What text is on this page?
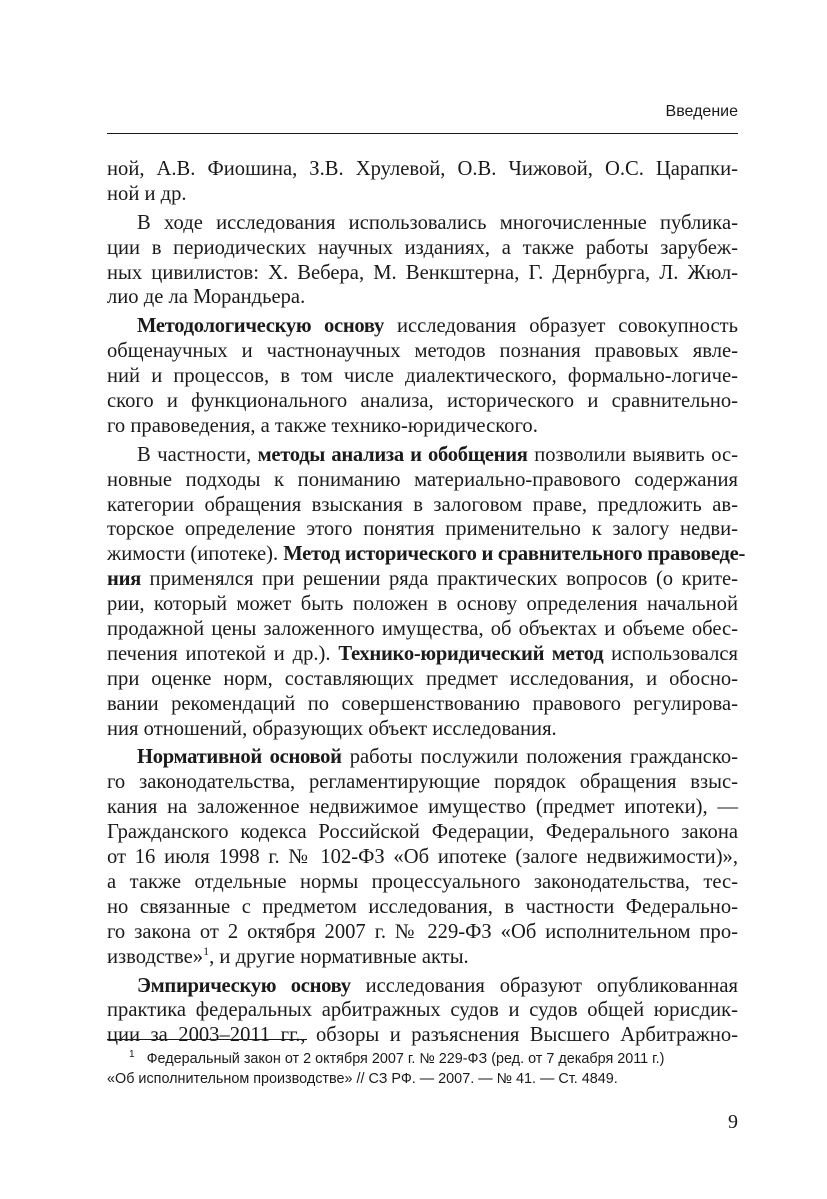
Введение
ной, А.В. Фиошина, З.В. Хрулевой, О.В. Чижовой, О.С. Царапки-
ной и др.
В ходе исследования использовались многочисленные публика-
ции в периодических научных изданиях, а также работы зарубеж-
ных цивилистов: Х. Вебера, М. Венкштерна, Г. Дернбурга, Л. Жюл-
лио де ла Морандьера.
Методологическую основу исследования образует совокупность
общенаучных и частнонаучных методов познания правовых явле-
ний и процессов, в том числе диалектического, формально-логиче-
ского и функционального анализа, исторического и сравнительно-
го правоведения, а также технико-юридического.
В частности, методы анализа и обобщения позволили выявить ос-
новные подходы к пониманию материально-правового содержания
категории обращения взыскания в залоговом праве, предложить ав-
торское определение этого понятия применительно к залогу недви-
жимости (ипотеке). Метод исторического и сравнительного правоведе-
ния применялся при решении ряда практических вопросов (о крите-
рии, который может быть положен в основу определения начальной
продажной цены заложенного имущества, об объектах и объеме обес-
печения ипотекой и др.). Технико-юридический метод использовался
при оценке норм, составляющих предмет исследования, и обосно-
вании рекомендаций по совершенствованию правового регулирова-
ния отношений, образующих объект исследования.
Нормативной основой работы послужили положения гражданско-
го законодательства, регламентирующие порядок обращения взыс-
кания на заложенное недвижимое имущество (предмет ипотеки), —
Гражданского кодекса Российской Федерации, Федерального закона
от 16 июля 1998 г. № 102-ФЗ «Об ипотеке (залоге недвижимости)»,
а также отдельные нормы процессуального законодательства, тес-
но связанные с предметом исследования, в частности Федерально-
го закона от 2 октября 2007 г. № 229-ФЗ «Об исполнительном про-
изводстве»$^1$, и другие нормативные акты.
Эмпирическую основу исследования образуют опубликованная
практика федеральных арбитражных судов и судов общей юрисдик-
ции за 2003–2011 гг., обзоры и разъяснения Высшего Арбитражно-
$^1$ Федеральный закон от 2 октября 2007 г. № 229-ФЗ (ред. от 7 декабря 2011 г.)
«Об исполнительном производстве» // СЗ РФ. — 2007. — № 41. — Ст. 4849.
9
